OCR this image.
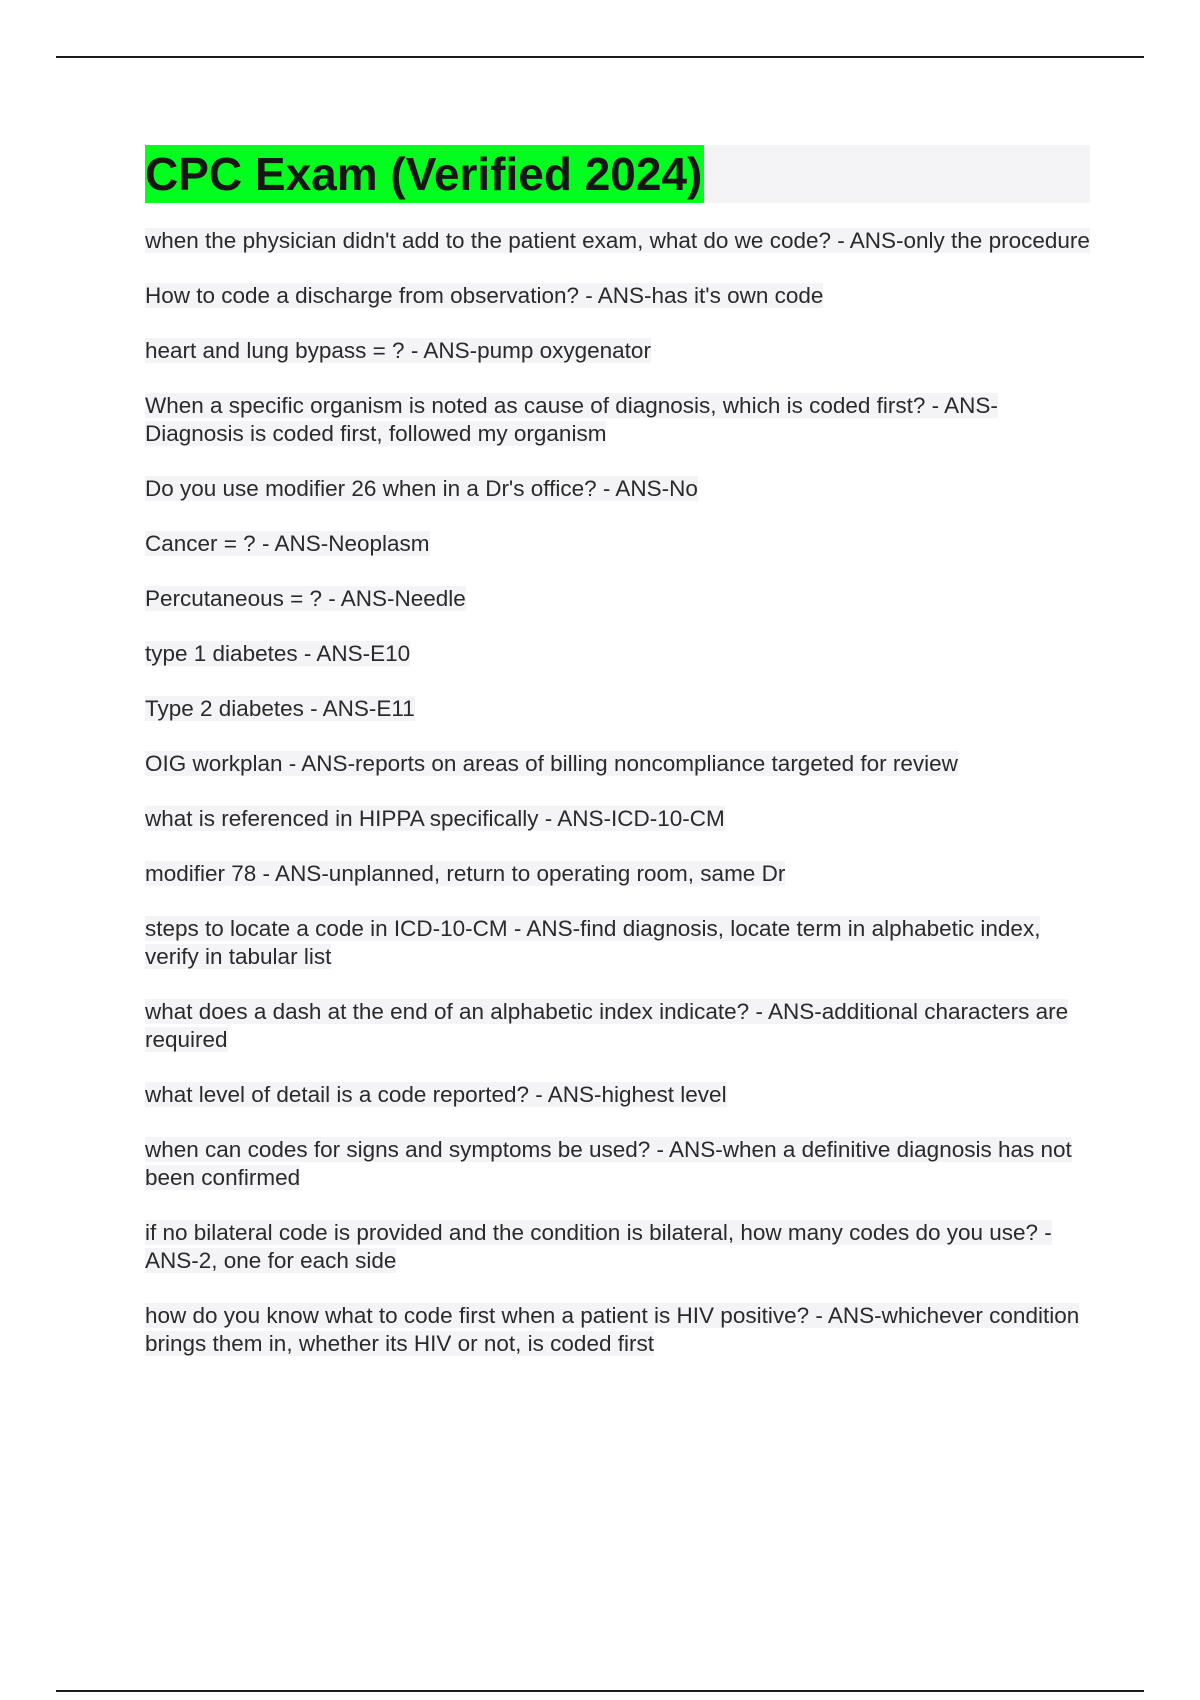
CPC Exam (Verified 2024)

when the physician didn't add to the patient exam, what do we code? - ANS-only the procedure

How to code a discharge from observation? - ANS-has it's own code

heart and lung bypass = ? - ANS-pump oxygenator

When a specific organism is noted as cause of diagnosis, which is coded first? - ANS-Diagnosis is coded first, followed my organism

Do you use modifier 26 when in a Dr's office? - ANS-No

Cancer = ? - ANS-Neoplasm

Percutaneous = ? - ANS-Needle

type 1 diabetes - ANS-E10

Type 2 diabetes - ANS-E11

OIG workplan - ANS-reports on areas of billing noncompliance targeted for review

what is referenced in HIPPA specifically - ANS-ICD-10-CM

modifier 78 - ANS-unplanned, return to operating room, same Dr

steps to locate a code in ICD-10-CM - ANS-find diagnosis, locate term in alphabetic index, verify in tabular list

what does a dash at the end of an alphabetic index indicate? - ANS-additional characters are required

what level of detail is a code reported? - ANS-highest level

when can codes for signs and symptoms be used? - ANS-when a definitive diagnosis has not been confirmed

if no bilateral code is provided and the condition is bilateral, how many codes do you use? - ANS-2, one for each side

how do you know what to code first when a patient is HIV positive? - ANS-whichever condition brings them in, whether its HIV or not, is coded first
